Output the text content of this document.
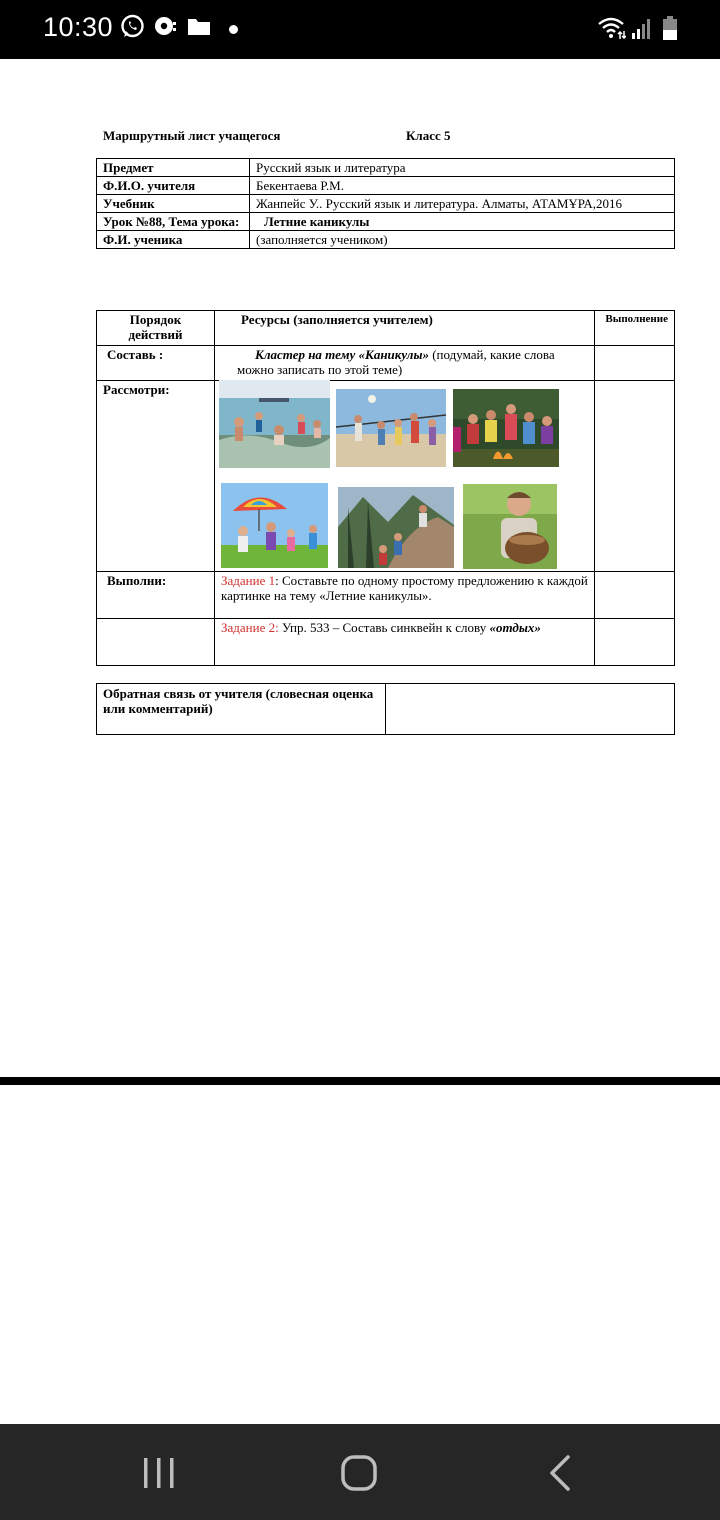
10:30
Маршрутный лист учащегося	Класс 5
Предмет	Русский язык и литература
Ф.И.О. учителя	Бекентаева Р.М.
Учебник	Жанпейс У.. Русский язык и литература. Алматы, АТАМҰРА,2016
Урок №88, Тема урока:	Летние каникулы
Ф.И. ученика	(заполняется учеником)
Порядок действий	Ресурсы (заполняется учителем)	Выполнение
Составь :	Кластер на тему «Каникулы» (подумай, какие слова можно записать по этой теме)	
Рассмотри:		
Выполни:	Задание 1: Составьте по одному простому предложению к каждой картинке на тему «Летние каникулы».	
	Задание 2: Упр. 533 – Составь синквейн к слову «отдых»	
Обратная связь от учителя (словесная оценка или комментарий)	
